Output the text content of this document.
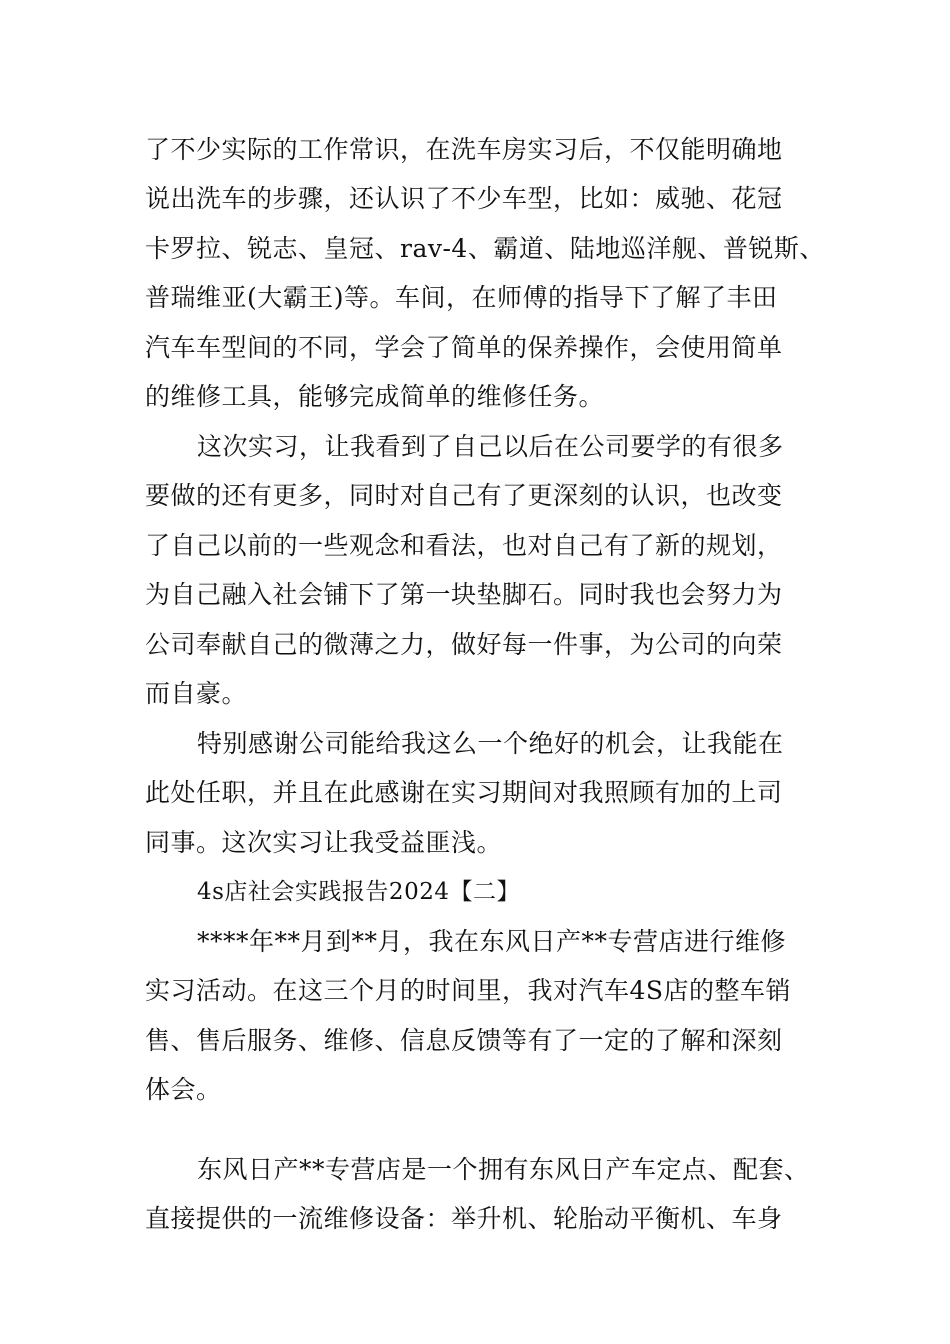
了不少实际的工作常识，在洗车房实习后，不仅能明确地
说出洗车的步骤，还认识了不少车型，比如：威驰、花冠
卡罗拉、锐志、皇冠、rav-4、霸道、陆地巡洋舰、普锐斯、
普瑞维亚(大霸王)等。车间，在师傅的指导下了解了丰田
汽车车型间的不同，学会了简单的保养操作，会使用简单
的维修工具，能够完成简单的维修任务。
这次实习，让我看到了自己以后在公司要学的有很多
要做的还有更多，同时对自己有了更深刻的认识，也改变
了自己以前的一些观念和看法，也对自己有了新的规划，
为自己融入社会铺下了第一块垫脚石。同时我也会努力为
公司奉献自己的微薄之力，做好每一件事，为公司的向荣
而自豪。
特别感谢公司能给我这么一个绝好的机会，让我能在
此处任职，并且在此感谢在实习期间对我照顾有加的上司
同事。这次实习让我受益匪浅。
4s店社会实践报告2024【二】
****年**月到**月，我在东风日产**专营店进行维修
实习活动。在这三个月的时间里，我对汽车4S店的整车销
售、售后服务、维修、信息反馈等有了一定的了解和深刻
体会。
东风日产**专营店是一个拥有东风日产车定点、配套、
直接提供的一流维修设备：举升机、轮胎动平衡机、车身
